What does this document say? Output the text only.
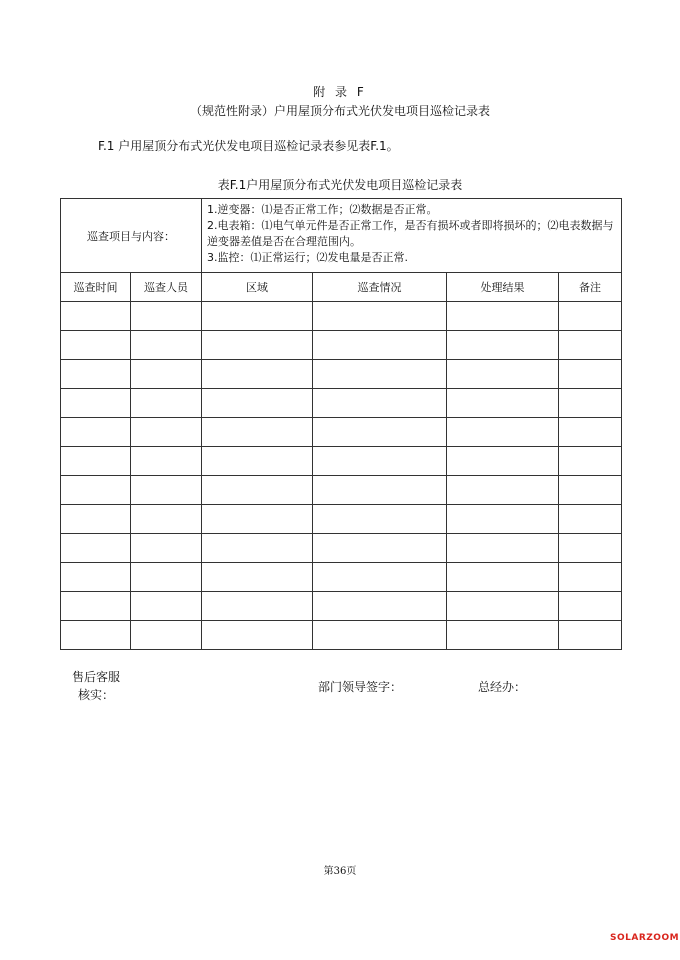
附 录 F
（规范性附录）户用屋顶分布式光伏发电项目巡检记录表
F.1 户用屋顶分布式光伏发电项目巡检记录表参见表F.1。
表F.1户用屋顶分布式光伏发电项目巡检记录表
巡查项目与内容：		1.逆变器：⑴是否正常工作；⑵数据是否正常。
2.电表箱：⑴电气单元件是否正常工作，是否有损坏或者即将损坏的；⑵电表数据与逆变器差值是否在合理范围内。
3.监控：⑴正常运行；⑵发电量是否正常.			

巡查时间	巡查人员	区域	巡查情况	处理结果	备注

售后客服
核实：
部门领导签字：	总经办：
第36页
SOLARZOOM
